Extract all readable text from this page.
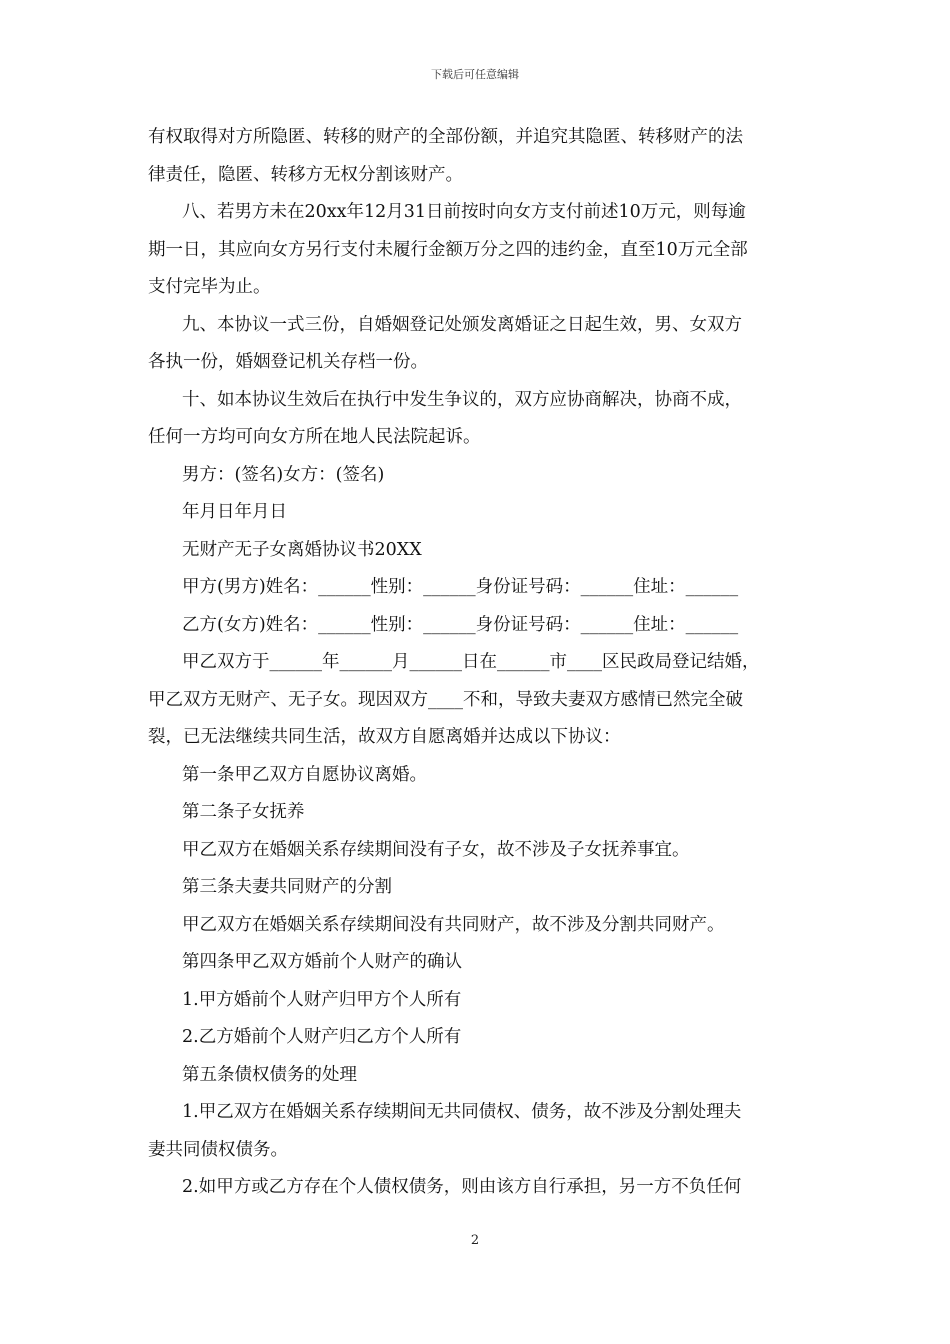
下载后可任意编辑

有权取得对方所隐匿、转移的财产的全部份额，并追究其隐匿、转移财产的法

律责任，隐匿、转移方无权分割该财产。

八、若男方未在20xx年12月31日前按时向女方支付前述10万元，则每逾

期一日，其应向女方另行支付未履行金额万分之四的违约金，直至10万元全部

支付完毕为止。

九、本协议一式三份，自婚姻登记处颁发离婚证之日起生效，男、女双方

各执一份，婚姻登记机关存档一份。

十、如本协议生效后在执行中发生争议的，双方应协商解决，协商不成，

任何一方均可向女方所在地人民法院起诉。

男方：(签名)女方：(签名)

年月日年月日

无财产无子女离婚协议书20XX

甲方(男方)姓名：______性别：______身份证号码：______住址：______

乙方(女方)姓名：______性别：______身份证号码：______住址：______

甲乙双方于______年______月______日在______市____区民政局登记结婚，

甲乙双方无财产、无子女。现因双方____不和，导致夫妻双方感情已然完全破

裂，已无法继续共同生活，故双方自愿离婚并达成以下协议：

第一条甲乙双方自愿协议离婚。

第二条子女抚养

甲乙双方在婚姻关系存续期间没有子女，故不涉及子女抚养事宜。

第三条夫妻共同财产的分割

甲乙双方在婚姻关系存续期间没有共同财产，故不涉及分割共同财产。

第四条甲乙双方婚前个人财产的确认

1.甲方婚前个人财产归甲方个人所有

2.乙方婚前个人财产归乙方个人所有

第五条债权债务的处理

1.甲乙双方在婚姻关系存续期间无共同债权、债务，故不涉及分割处理夫

妻共同债权债务。

2.如甲方或乙方存在个人债权债务，则由该方自行承担，另一方不负任何

2
